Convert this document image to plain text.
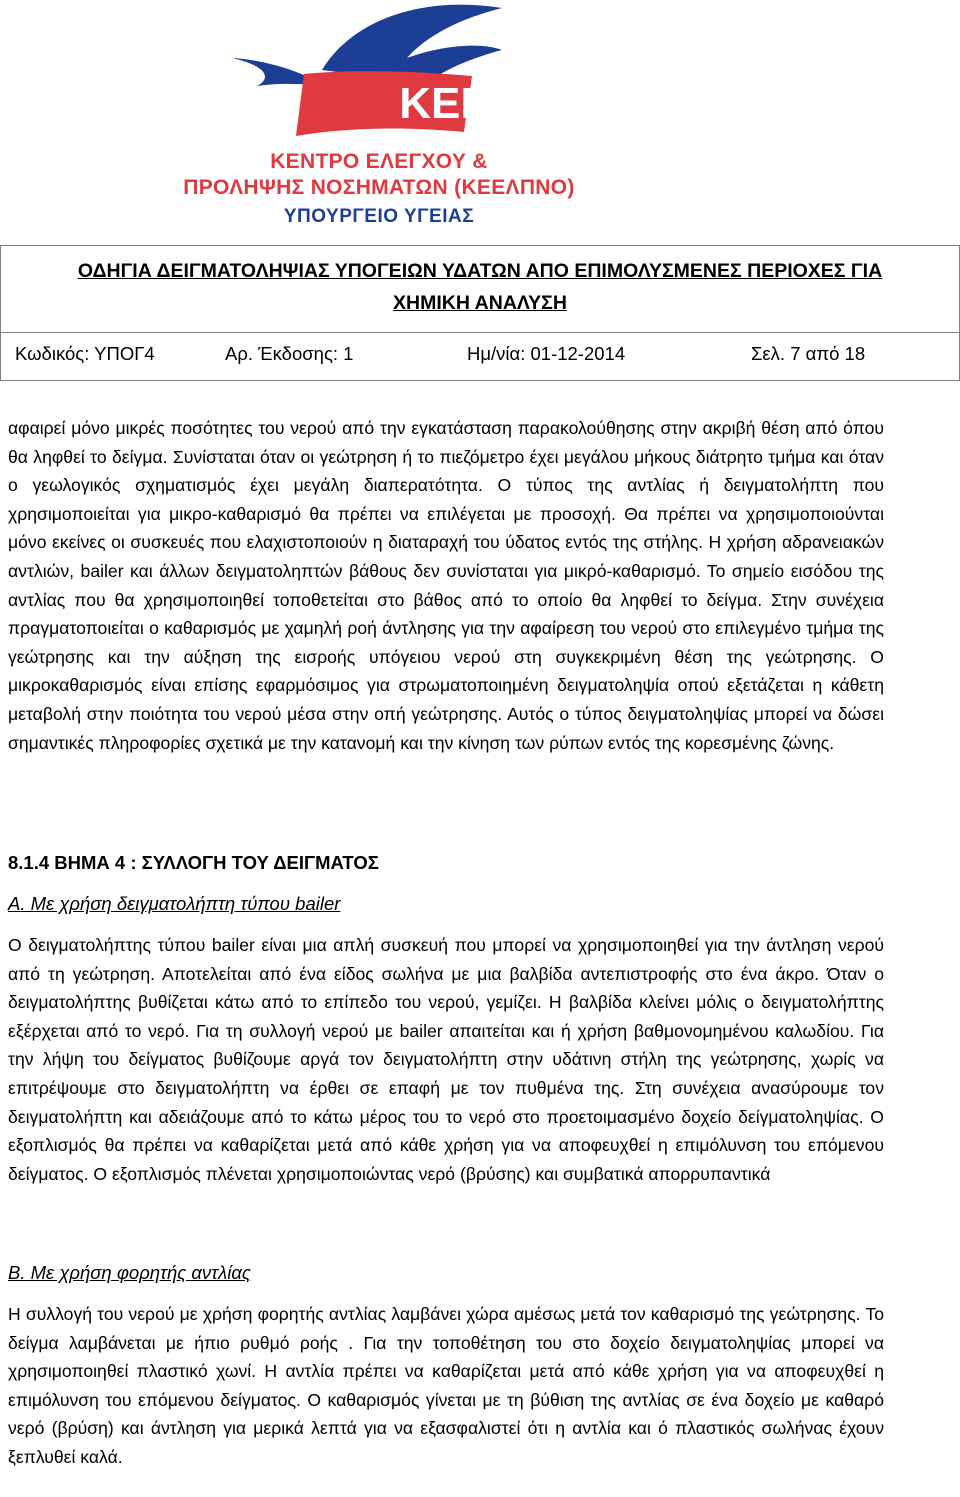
ΚΕΕΛΠΝΟ
ΚΕΝΤΡΟ ΕΛΕΓΧΟΥ &
ΠΡΟΛΗΨΗΣ ΝΟΣΗΜΑΤΩΝ (ΚΕΕΛΠΝΟ)
ΥΠΟΥΡΓΕΙΟ ΥΓΕΙΑΣ
ΟΔΗΓΙΑ ΔΕΙΓΜΑΤΟΛΗΨΙΑΣ ΥΠΟΓΕΙΩΝ ΥΔΑΤΩΝ ΑΠΟ ΕΠΙΜΟΛΥΣΜΕΝΕΣ ΠΕΡΙΟΧΕΣ ΓΙΑ
ΧΗΜΙΚΗ ΑΝΑΛΥΣΗ
Κωδικός: ΥΠΟΓ4	Αρ. Έκδοσης: 1	Ημ/νία: 01-12-2014	Σελ. 7 από 18
αφαιρεί μόνο μικρές ποσότητες του νερού από την εγκατάσταση παρακολούθησης στην ακριβή θέση από όπου θα ληφθεί το δείγμα. Συνίσταται όταν οι γεώτρηση ή το πιεζόμετρο έχει μεγάλου μήκους διάτρητο τμήμα και όταν ο γεωλογικός σχηματισμός έχει μεγάλη διαπερατότητα. Ο τύπος της αντλίας ή δειγματολήπτη που χρησιμοποιείται για μικρο-καθαρισμό θα πρέπει να επιλέγεται με προσοχή. Θα πρέπει να χρησιμοποιούνται μόνο εκείνες οι συσκευές που ελαχιστοποιούν η διαταραχή του ύδατος εντός της στήλης. Η χρήση αδρανειακών αντλιών, bailer και άλλων δειγματοληπτών βάθους δεν συνίσταται για μικρό-καθαρισμό. Το σημείο εισόδου της αντλίας που θα χρησιμοποιηθεί τοποθετείται στο βάθος από το οποίο θα ληφθεί το δείγμα. Στην συνέχεια πραγματοποιείται ο καθαρισμός με χαμηλή ροή άντλησης για την αφαίρεση του νερού στο επιλεγμένο τμήμα της γεώτρησης και την αύξηση της εισροής υπόγειου νερού στη συγκεκριμένη θέση της γεώτρησης. Ο μικροκαθαρισμός είναι επίσης εφαρμόσιμος για στρωματοποιημένη δειγματοληψία οπού εξετάζεται η κάθετη μεταβολή στην ποιότητα του νερού μέσα στην οπή γεώτρησης. Αυτός ο τύπος δειγματοληψίας μπορεί να δώσει σημαντικές πληροφορίες σχετικά με την κατανομή και την κίνηση των ρύπων εντός της κορεσμένης ζώνης.
8.1.4 ΒΗΜΑ 4 : ΣΥΛΛΟΓΗ ΤΟΥ ΔΕΙΓΜΑΤΟΣ
Α. Με χρήση δειγματολήπτη τύπου bailer
Ο δειγματολήπτης τύπου bailer είναι μια απλή συσκευή που μπορεί να χρησιμοποιηθεί για την άντληση νερού από τη γεώτρηση. Αποτελείται από ένα είδος σωλήνα με μια βαλβίδα αντεπιστροφής στο ένα άκρο. Όταν ο δειγματολήπτης βυθίζεται κάτω από το επίπεδο του νερού, γεμίζει. Η βαλβίδα κλείνει μόλις ο δειγματολήπτης εξέρχεται από το νερό. Για τη συλλογή νερού με bailer απαιτείται και ή χρήση βαθμονομημένου καλωδίου. Για την λήψη του δείγματος βυθίζουμε αργά τον δειγματολήπτη στην υδάτινη στήλη της γεώτρησης, χωρίς να επιτρέψουμε στο δειγματολήπτη να έρθει σε επαφή με τον πυθμένα της. Στη συνέχεια ανασύρουμε τον δειγματολήπτη και αδειάζουμε από το κάτω μέρος του το νερό στο προετοιμασμένο δοχείο δείγματοληψίας. Ο εξοπλισμός θα πρέπει να καθαρίζεται μετά από κάθε χρήση για να αποφευχθεί η επιμόλυνση του επόμενου δείγματος. Ο εξοπλισμός πλένεται χρησιμοποιώντας νερό (βρύσης) και συμβατικά απορρυπαντικά
Β. Με χρήση φορητής αντλίας
Η συλλογή του νερού με χρήση φορητής αντλίας λαμβάνει χώρα αμέσως μετά τον καθαρισμό της γεώτρησης. Το δείγμα λαμβάνεται με ήπιο ρυθμό ροής . Για την τοποθέτηση του στο δοχείο δειγματοληψίας μπορεί να χρησιμοποιηθεί πλαστικό χωνί. Η αντλία πρέπει να καθαρίζεται μετά από κάθε χρήση για να αποφευχθεί η επιμόλυνση του επόμενου δείγματος. Ο καθαρισμός γίνεται με τη βύθιση της αντλίας σε ένα δοχείο με καθαρό νερό (βρύση) και άντληση για μερικά λεπτά για να εξασφαλιστεί ότι η αντλία και ό πλαστικός σωλήνας έχουν ξεπλυθεί καλά.
